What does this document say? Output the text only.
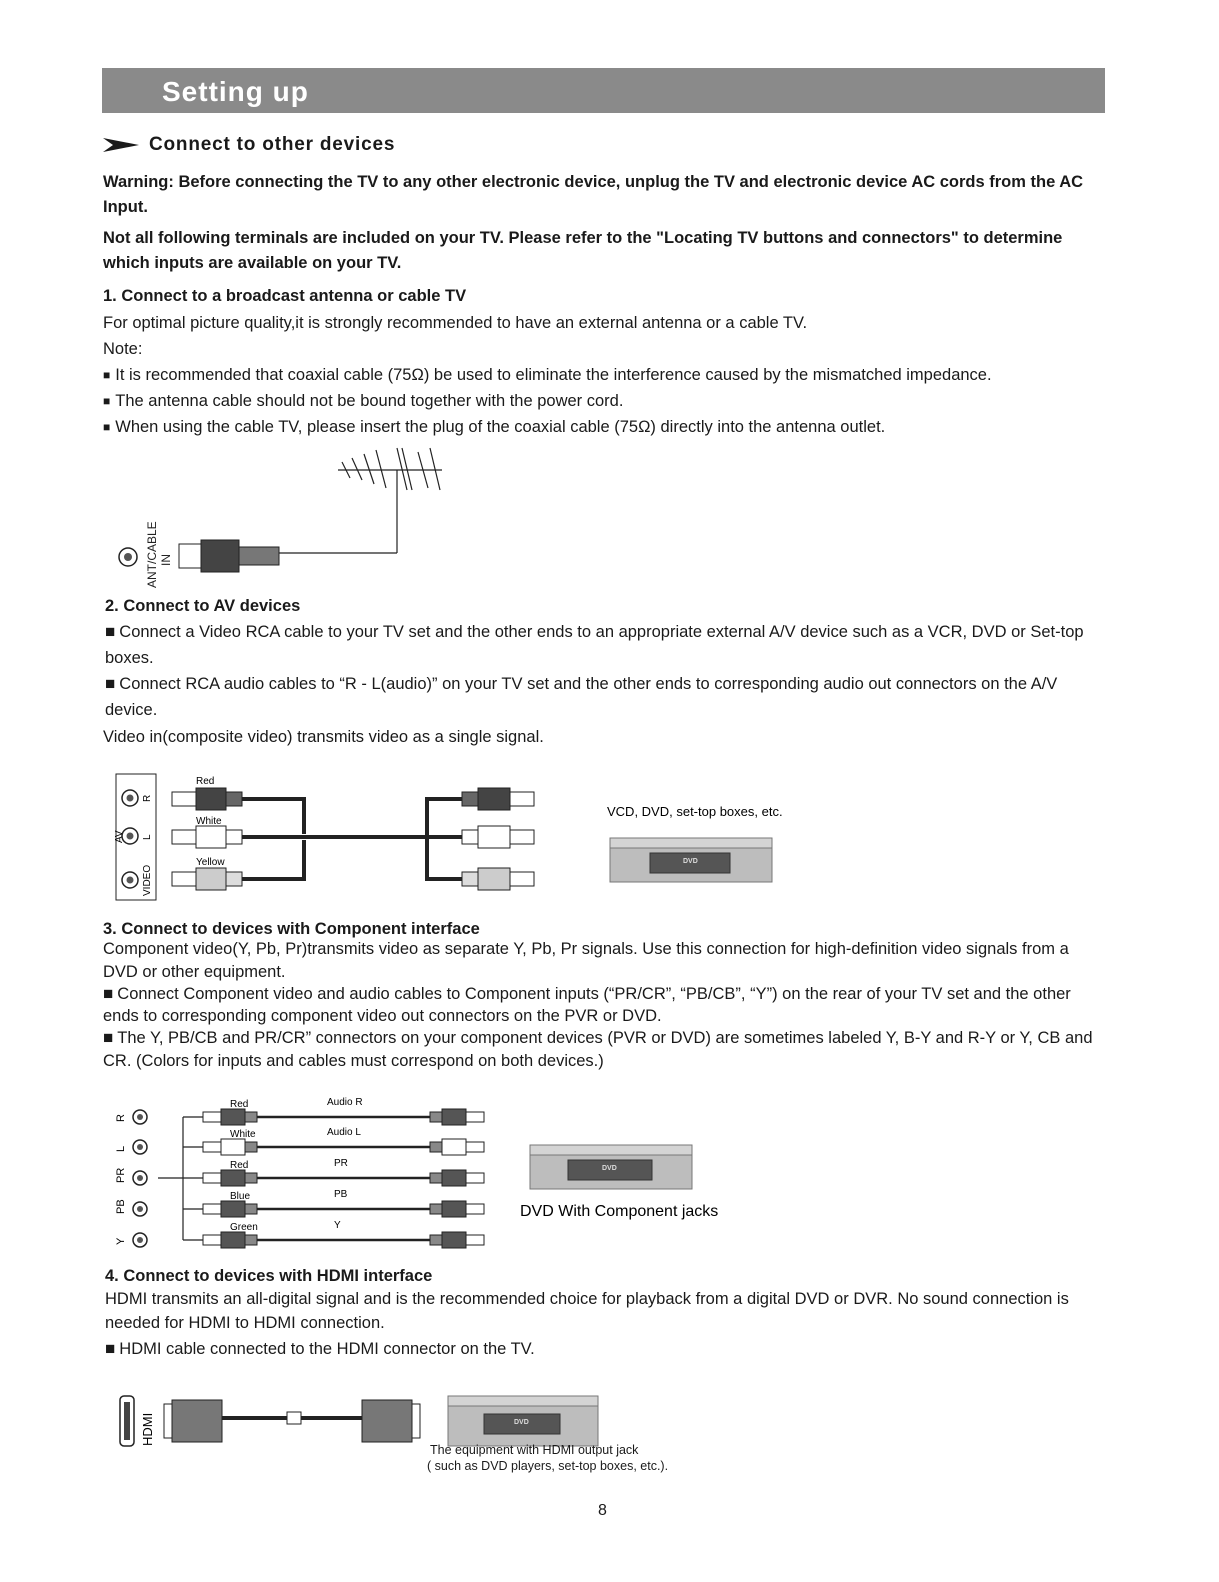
Setting up
Connect to other devices
Warning: Before connecting the TV to any other electronic device, unplug the TV and electronic device AC cords from the AC Input.
Not all following terminals are included on your TV. Please refer to the "Locating TV buttons and connectors" to determine which inputs are available on your TV.
1. Connect to a broadcast antenna or cable TV
For optimal picture quality,it is strongly recommended to have an external antenna or a cable TV.
Note:
■ It is recommended that coaxial cable (75Ω) be used to eliminate the interference caused by the mismatched impedance.
■ The antenna cable should not be bound together with the power cord.
■ When using the cable TV, please insert the plug of the coaxial cable (75Ω) directly into the antenna outlet.
ANT/CABLE IN
2. Connect to AV devices
■ Connect a Video RCA cable to your TV set and the other ends to an appropriate external A/V device such as a VCR, DVD or Set-top boxes.
■ Connect RCA audio cables to “R - L(audio)” on your TV set and the other ends to corresponding audio out connectors on the A/V device.
Video in(composite video) transmits video as a single signal.
R
AV L
VIDEO
Red
White
Yellow
VCD, DVD, set-top boxes, etc.
DVD
3. Connect to devices with Component interface
Component video(Y, Pb, Pr)transmits video as separate Y, Pb, Pr signals. Use this connection for high-definition video signals from a DVD or other equipment.
■ Connect Component video and audio cables to Component inputs (“PR/CR”, “PB/CB”, “Y”) on the rear of your TV set and the other ends to corresponding component video out connectors on the PVR or DVD.
■ The Y, PB/CB and PR/CR” connectors on your component devices (PVR or DVD) are sometimes labeled Y, B-Y and R-Y or Y, CB and CR. (Colors for inputs and cables must correspond on both devices.)
R
Red	Audio R
L
White	Audio L
PR
Red	PR
PB
Blue	PB
Y
Green	Y
DVD With Component jacks
DVD
4. Connect to devices with HDMI interface
HDMI transmits an all-digital signal and is the recommended choice for playback from a digital DVD or DVR. No sound connection is needed for HDMI to HDMI connection.
■ HDMI cable connected to the HDMI connector on the TV.
HDMI	DVD
The equipment with HDMI output jack
( such as DVD players, set-top boxes, etc.).
8
